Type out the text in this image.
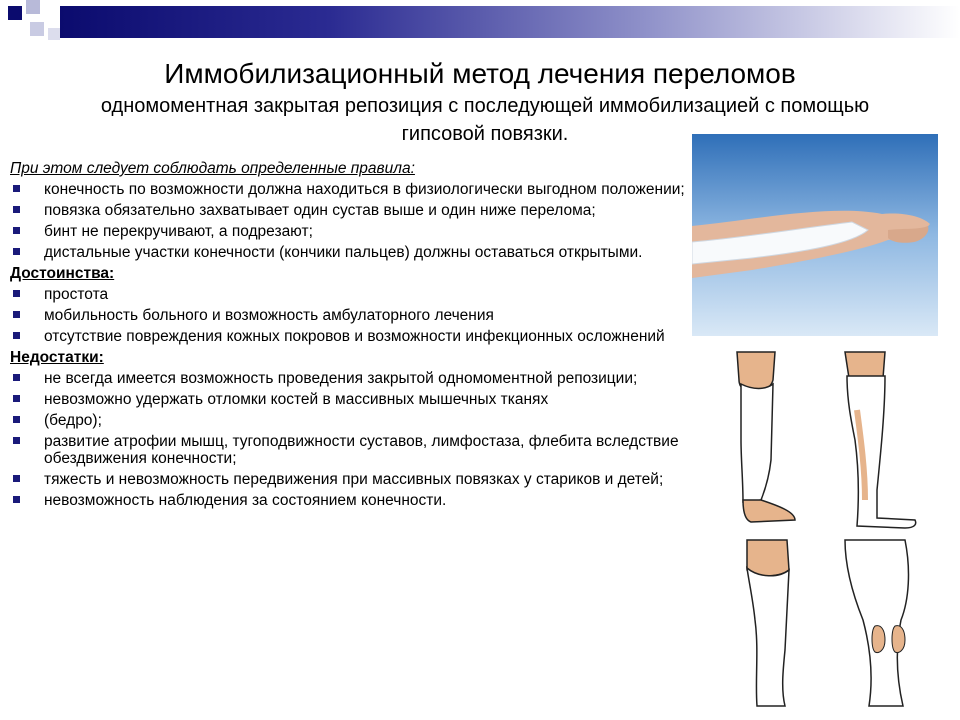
Иммобилизационный метод лечения переломов
одномоментная закрытая репозиция с последующей иммобилизацией с помощью гипсовой повязки.

При этом следует соблюдать определенные правила:

конечность по возможности должна находиться в физиологически выгодном положении;
повязка обязательно захватывает один сустав выше и один ниже перелома;
бинт не перекручивают, а подрезают;
дистальные участки конечности (кончики пальцев) должны оставаться открытыми.

Достоинства:

простота
мобильность больного и возможность амбулаторного лечения
отсутствие повреждения кожных покровов и возможности инфекционных осложнений

Недостатки:

не всегда имеется возможность проведения закрытой одномоментной репозиции;
невозможно удержать отломки костей в массивных мышечных тканях
(бедро);
развитие атрофии мышц, тугоподвижности суставов, лимфостаза, флебита вследствие обездвижения конечности;
тяжесть и невозможность передвижения при массивных повязках у стариков и детей;
невозможность наблюдения за состоянием конечности.
